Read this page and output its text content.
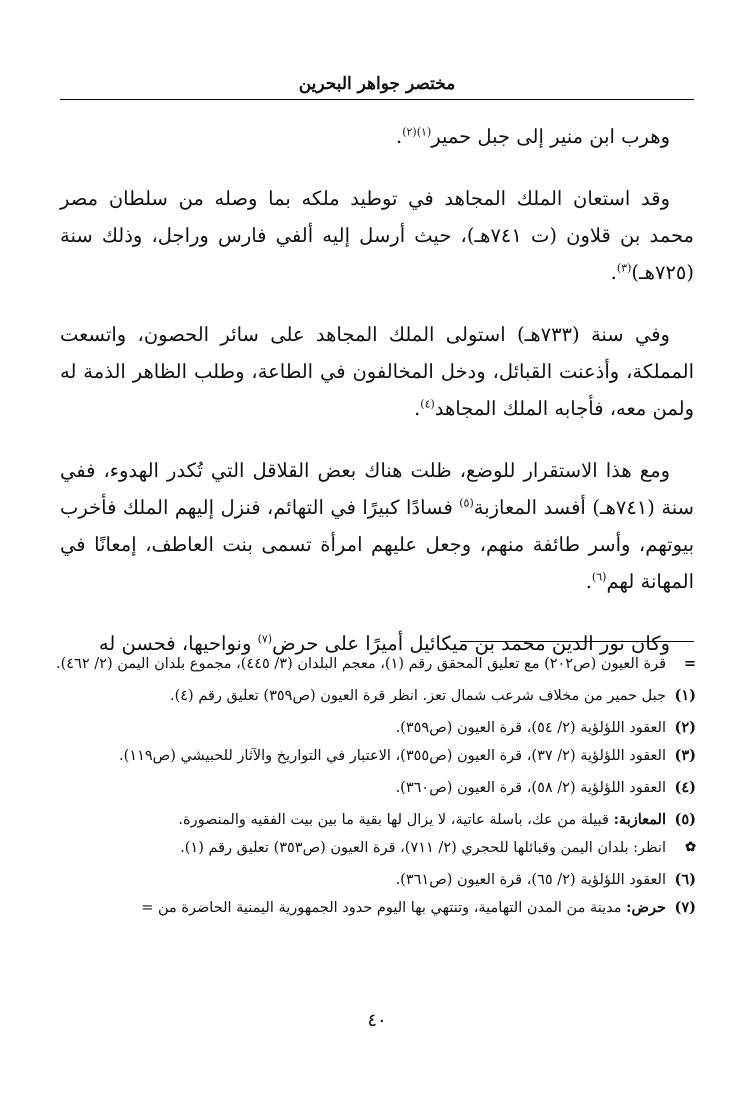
مختصر جواهر البحرين

وهرب ابن منير إلى جبل حمير$^{(١)(٢)}$.

وقد استعان الملك المجاهد في توطيد ملكه بما وصله من سلطان مصر محمد بن قلاون (ت ٧٤١هـ)، حيث أرسل إليه ألفي فارس وراجل، وذلك سنة (٧٢٥هـ)$^{(٣)}$.

وفي سنة (٧٣٣هـ) استولى الملك المجاهد على سائر الحصون، واتسعت المملكة، وأذعنت القبائل، ودخل المخالفون في الطاعة، وطلب الظاهر الذمة له ولمن معه، فأجابه الملك المجاهد$^{(٤)}$.

ومع هذا الاستقرار للوضع، ظلت هناك بعض القلاقل التي تُكدر الهدوء، ففي سنة (٧٤١هـ) أفسد المعازبة$^{(٥)}$ فسادًا كبيرًا في التهائم، فنزل إليهم الملك فأخرب بيوتهم، وأسر طائفة منهم، وجعل عليهم امرأة تسمى بنت العاطف، إمعانًا في المهانة لهم$^{(٦)}$.

وكان نور الدين محمد بن ميكائيل أميرًا على حرض$^{(٧)}$ ونواحيها، فحسن له

=
قرة العيون (ص٢٠٢) مع تعليق المحقق رقم (١)، معجم البلدان (٣/ ٤٤٥)، مجموع بلدان اليمن (٢/ ٤٦٢).
(١)
جبل حمير من مخلاف شرعب شمال تعز. انظر قرة العيون (ص٣٥٩) تعليق رقم (٤).
(٢)
العقود اللؤلؤية (٢/ ٥٤)، قرة العيون (ص٣٥٩).
(٣)
العقود اللؤلؤية (٢/ ٣٧)، قرة العيون (ص٣٥٥)، الاعتبار في التواريخ والآثار للحبيشي (ص١١٩).
(٤)
العقود اللؤلؤية (٢/ ٥٨)، قرة العيون (ص٣٦٠).
(٥)
المعازبة: قبيلة من عك، باسلة عاتية، لا يزال لها بقية ما بين بيت الفقيه والمنصورة.
✿
انظر: بلدان اليمن وقبائلها للحجري (٢/ ٧١١)، قرة العيون (ص٣٥٣) تعليق رقم (١).
(٦)
العقود اللؤلؤية (٢/ ٦٥)، قرة العيون (ص٣٦١).
(٧)
حرض: مدينة من المدن التهامية، وتنتهي بها اليوم حدود الجمهورية اليمنية الحاضرة من =
٤٠
